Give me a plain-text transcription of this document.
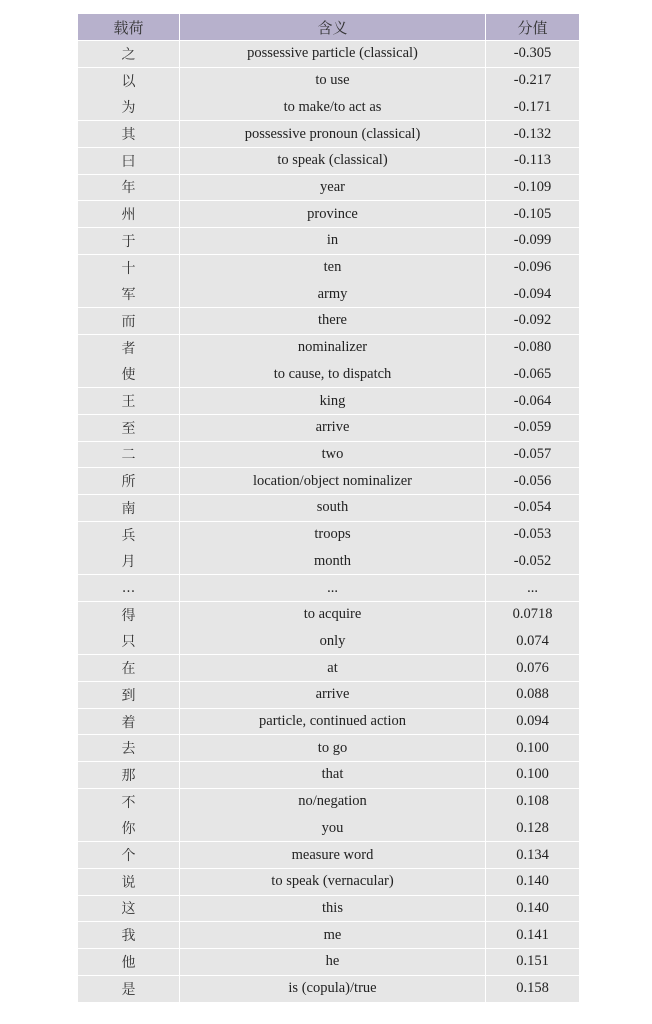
载荷	含义	分值
之	possessive particle (classical)	-0.305
以	to use	-0.217
为	to make/to act as	-0.171
其	possessive pronoun (classical)	-0.132
曰	to speak (classical)	-0.113
年	year	-0.109
州	province	-0.105
于	in	-0.099
十	ten	-0.096
军	army	-0.094
而	there	-0.092
者	nominalizer	-0.080
使	to cause, to dispatch	-0.065
王	king	-0.064
至	arrive	-0.059
二	two	-0.057
所	location/object nominalizer	-0.056
南	south	-0.054
兵	troops	-0.053
月	month	-0.052
...	...	...
得	to acquire	0.0718
只	only	0.074
在	at	0.076
到	arrive	0.088
着	particle, continued action	0.094
去	to go	0.100
那	that	0.100
不	no/negation	0.108
你	you	0.128
个	measure word	0.134
说	to speak (vernacular)	0.140
这	this	0.140
我	me	0.141
他	he	0.151
是	is (copula)/true	0.158
